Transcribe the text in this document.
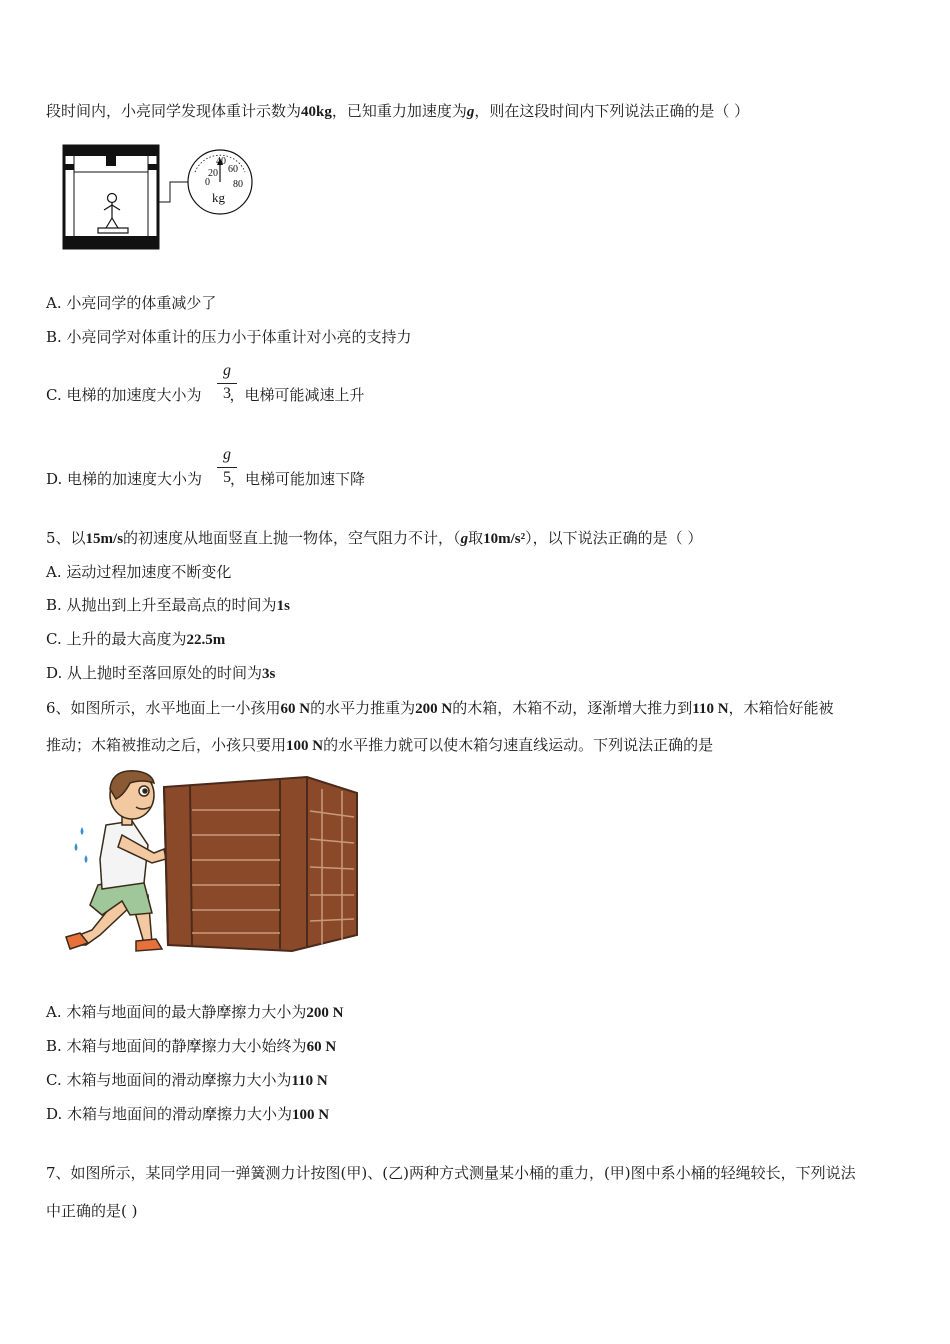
段时间内，小亮同学发现体重计示数为40kg，已知重力加速度为g，则在这段时间内下列说法正确的是（ ）
20
40
60
0 80
kg
A. 小亮同学的体重减少了
B. 小亮同学对体重计的压力小于体重计对小亮的支持力
C. 电梯的加速度大小为 ，电梯可能减速上升
g
3
D. 电梯的加速度大小为 ，电梯可能加速下降
g
5
5、以15m/s的初速度从地面竖直上抛一物体，空气阻力不计，（g取10m/s²），以下说法正确的是（ ）
A. 运动过程加速度不断变化
B. 从抛出到上升至最高点的时间为1s
C. 上升的最大高度为22.5m
D. 从上抛时至落回原处的时间为3s
6、如图所示，水平地面上一小孩用60 N的水平力推重为200 N的木箱，木箱不动，逐渐增大推力到110 N，木箱恰好能被
推动；木箱被推动之后，小孩只要用100 N的水平推力就可以使木箱匀速直线运动。下列说法正确的是
A. 木箱与地面间的最大静摩擦力大小为200 N
B. 木箱与地面间的静摩擦力大小始终为60 N
C. 木箱与地面间的滑动摩擦力大小为110 N
D. 木箱与地面间的滑动摩擦力大小为100 N
7、如图所示，某同学用同一弹簧测力计按图(甲)、(乙)两种方式测量某小桶的重力，(甲)图中系小桶的轻绳较长，下列说法
中正确的是( )
